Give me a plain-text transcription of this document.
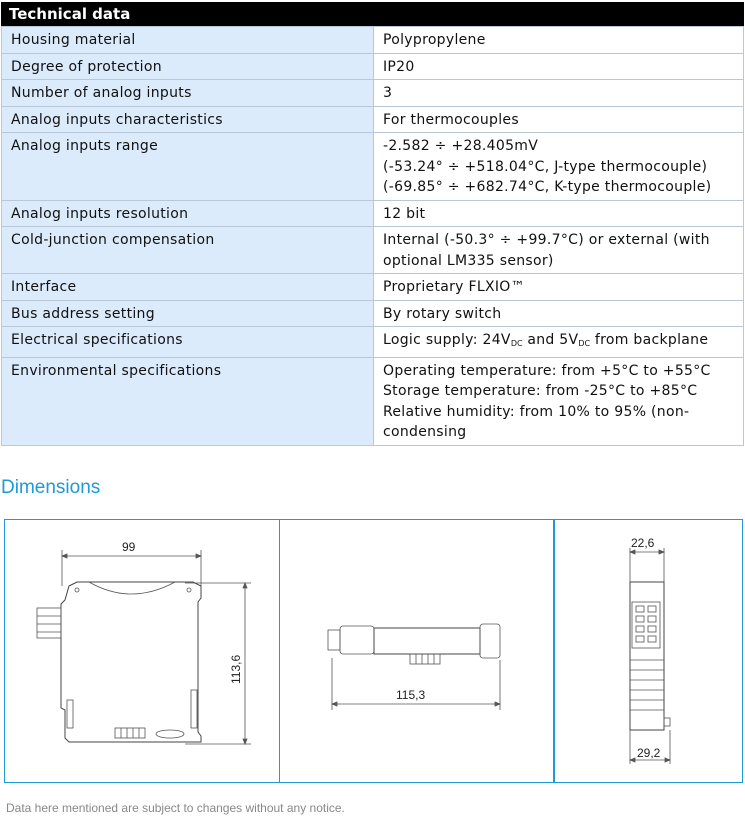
Technical data
Housing material	Polypropylene
Degree of protection	IP20
Number of analog inputs	3
Analog inputs characteristics	For thermocouples
Analog inputs range	-2.582 ÷ +28.405mV
(-53.24° ÷ +518.04°C, J-type thermocouple)
(-69.85° ÷ +682.74°C, K-type thermocouple)

Analog inputs resolution	12 bit
Cold-junction compensation	Internal (-50.3° ÷ +99.7°C) or external (with
optional LM335 sensor)

Interface	Proprietary FLXIO™
Bus address setting	By rotary switch
Electrical specifications	Logic supply: $24V_{DC}$ and $5V_{DC}$ from backplane
Environmental specifications	Operating temperature: from +5°C to +55°C
Storage temperature: from -25°C to +85°C
Relative humidity: from 10% to 95% (non-
condensing
Dimensions
99
113,6
115,3
22,6
29,2
Data here mentioned are subject to changes without any notice.
